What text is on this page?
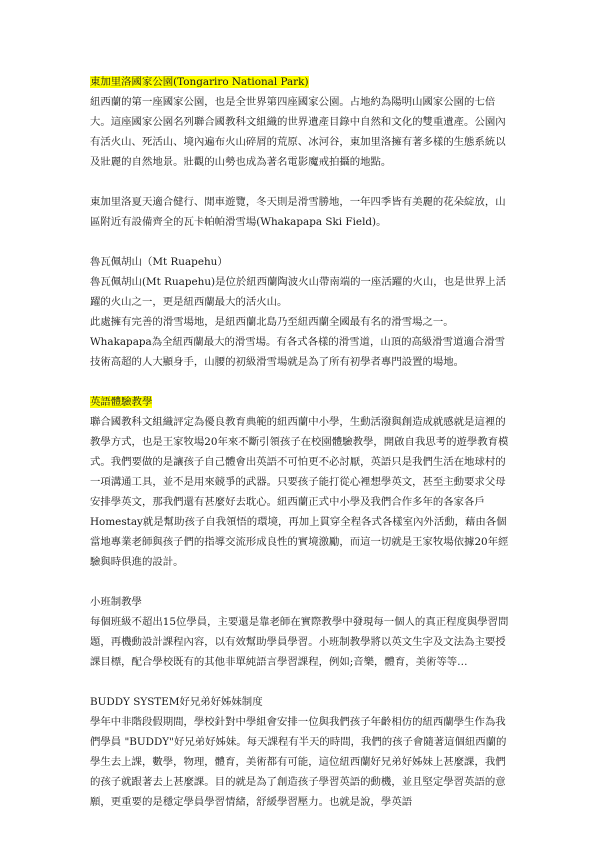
東加里洛國家公園(Tongariro National Park)

紐西蘭的第一座國家公園，也是全世界第四座國家公園。占地約為陽明山國家公園的七倍大。這座國家公園名列聯合國教科文組織的世界遺產目錄中自然和文化的雙重遺產。公園內有活火山、死活山、境內遍布火山碎屑的荒原、冰河谷，東加里洛擁有著多樣的生態系統以及壯麗的自然地景。壯觀的山勢也成為著名電影魔戒拍攝的地點。

東加里洛夏天適合健行、閒車遊覽，冬天則是滑雪勝地，一年四季皆有美麗的花朵綻放，山區附近有設備齊全的瓦卡帕帕滑雪場(Whakapapa Ski Field)。

魯瓦佩胡山（Mt Ruapehu）

魯瓦佩胡山(Mt Ruapehu)是位於紐西蘭陶波火山帶南端的一座活躍的火山，也是世界上活躍的火山之一，更是紐西蘭最大的活火山。

此處擁有完善的滑雪場地，是紐西蘭北島乃至紐西蘭全國最有名的滑雪場之一。

Whakapapa為全紐西蘭最大的滑雪場。有各式各樣的滑雪道，山頂的高級滑雪道適合滑雪技術高超的人大顯身手，山腰的初級滑雪場就是為了所有初學者專門設置的場地。

英語體驗教學

聯合國教科文組織評定為優良教育典範的紐西蘭中小學，生動活潑與創造成就感就是這裡的教學方式，也是王家牧場20年來不斷引領孩子在校園體驗教學，開啟自我思考的遊學教育模式。我們要做的是讓孩子自己體會出英語不可怕更不必討厭，英語只是我們生活在地球村的一項溝通工具，並不是用來競爭的武器。只要孩子能打從心裡想學英文，甚至主動要求父母安排學英文，那我們還有甚麼好去耽心。紐西蘭正式中小學及我們合作多年的各家各戶Homestay就是幫助孩子自我領悟的環境，再加上貫穿全程各式各樣室內外活動，藉由各個當地專業老師與孩子們的指導交流形成良性的實境激勵，而這一切就是王家牧場依據20年經驗與時俱進的設計。

小班制教學

每個班級不超出15位學員，主要還是靠老師在實際教學中發現每一個人的真正程度與學習問題，再機動設計課程內容，以有效幫助學員學習。小班制教學將以英文生字及文法為主要授課目標，配合學校既有的其他非單純語言學習課程，例如;音樂，體育，美術等等…

BUDDY SYSTEM好兄弟好姊妹制度

學年中非階段假期間，學校針對中學組會安排一位與我們孩子年齡相仿的紐西蘭學生作為我們學員 "BUDDY"好兄弟好姊妹。每天課程有半天的時間，我們的孩子會隨著這個紐西蘭的學生去上課，數學，物理，體育，美術都有可能，這位紐西蘭好兄弟好姊妹上甚麼課，我們的孩子就跟著去上甚麼課。目的就是為了創造孩子學習英語的動機，並且堅定學習英語的意願，更重要的是穩定學員學習情緒，舒緩學習壓力。也就是說，學英語
